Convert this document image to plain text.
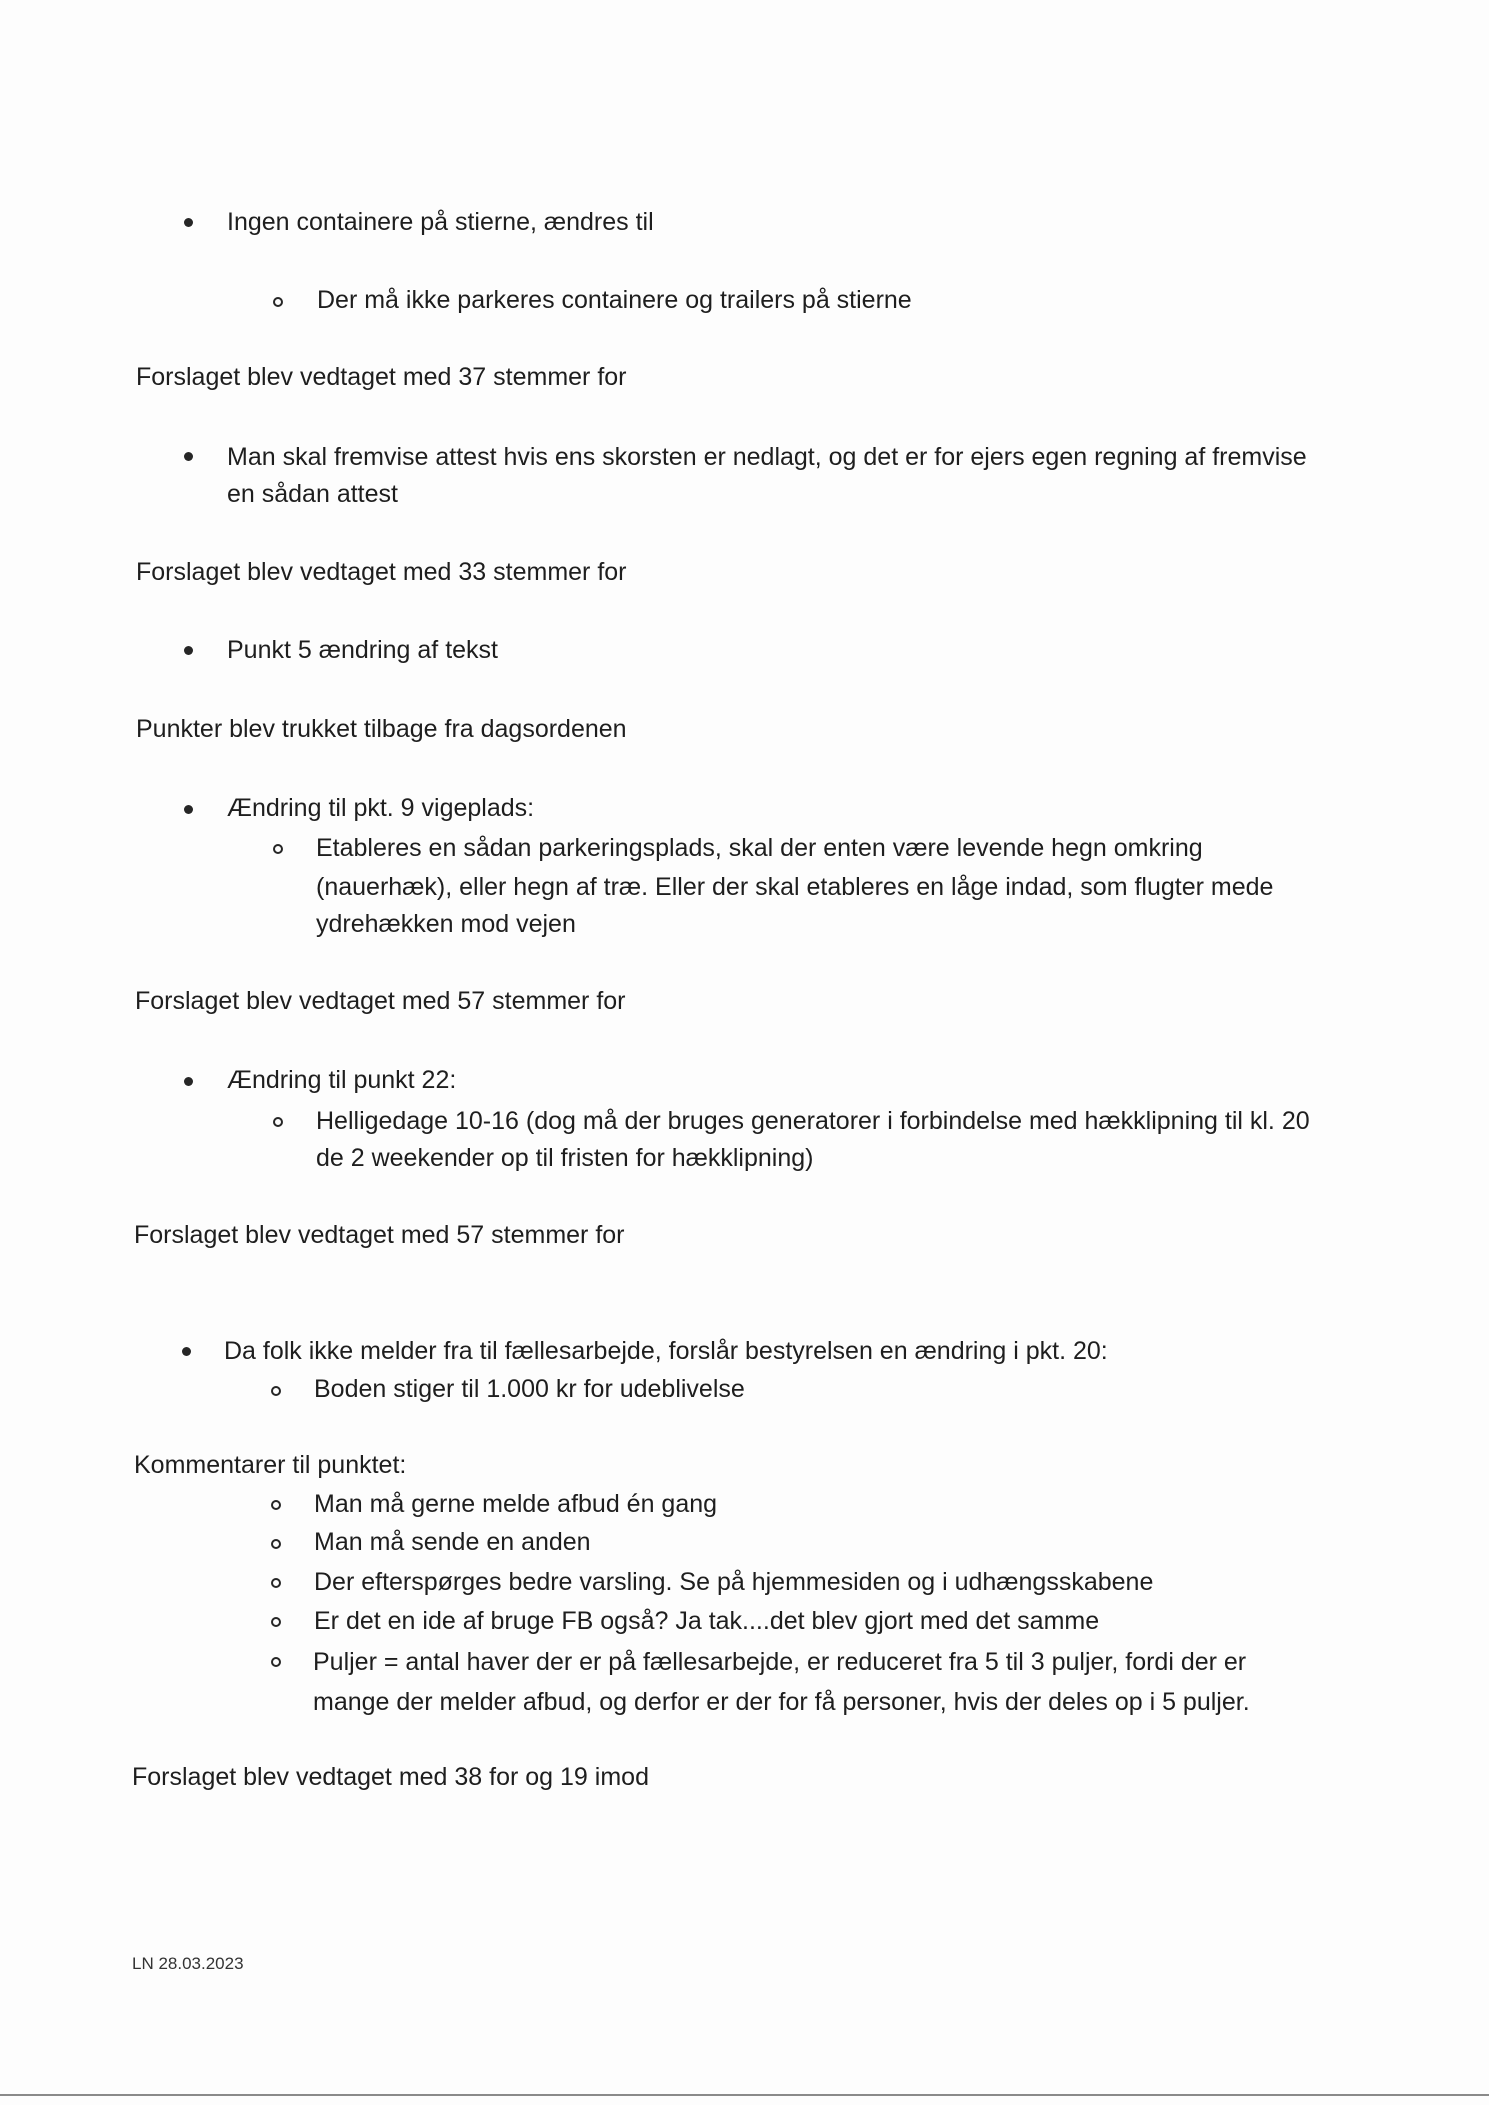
Ingen containere på stierne, ændres til
Der må ikke parkeres containere og trailers på stierne
Forslaget blev vedtaget med 37 stemmer for
Man skal fremvise attest hvis ens skorsten er nedlagt, og det er for ejers egen regning af fremvise
en sådan attest
Forslaget blev vedtaget med 33 stemmer for
Punkt 5 ændring af tekst
Punkter blev trukket tilbage fra dagsordenen
Ændring til pkt. 9 vigeplads:
Etableres en sådan parkeringsplads, skal der enten være levende hegn omkring
(nauerhæk), eller hegn af træ. Eller der skal etableres en låge indad, som flugter mede
ydrehækken mod vejen
Forslaget blev vedtaget med 57 stemmer for
Ændring til punkt 22:
Helligedage 10-16 (dog må der bruges generatorer i forbindelse med hækklipning til kl. 20
de 2 weekender op til fristen for hækklipning)
Forslaget blev vedtaget med 57 stemmer for
Da folk ikke melder fra til fællesarbejde, forslår bestyrelsen en ændring i pkt. 20:
Boden stiger til 1.000 kr for udeblivelse
Kommentarer til punktet:
Man må gerne melde afbud én gang
Man må sende en anden
Der efterspørges bedre varsling. Se på hjemmesiden og i udhængsskabene
Er det en ide af bruge FB også? Ja tak....det blev gjort med det samme
Puljer = antal haver der er på fællesarbejde, er reduceret fra 5 til 3 puljer, fordi der er
mange der melder afbud, og derfor er der for få personer, hvis der deles op i 5 puljer.
Forslaget blev vedtaget med 38 for og 19 imod
LN 28.03.2023
